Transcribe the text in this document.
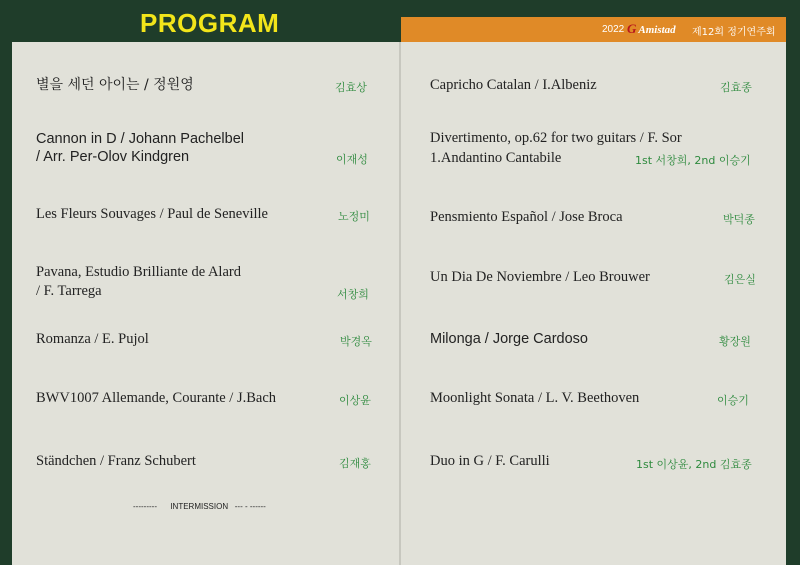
PROGRAM	2022 G Amistad 제12회 정기연주회
별을 세던 아이는 / 정원영	김효상
Cannon in D / Johann Pachelbel
/ Arr. Per-Olov Kindgren	이재성
Les Fleurs Souvages / Paul de Seneville	노정미
Pavana, Estudio Brilliante de Alard
/ F. Tarrega	서창희
Romanza / E. Pujol	박경옥
BWV1007 Allemande, Courante / J.Bach	이상윤
Ständchen / Franz Schubert	김재홍
---------      INTERMISSION   --- - ------
Capricho Catalan / I.Albeniz	김효종
Divertimento, op.62 for two guitars / F. Sor
1.Andantino Cantabile	1st 서창희, 2nd 이승기
Pensmiento Español / Jose Broca	박덕종
Un Dia De Noviembre / Leo Brouwer	김은실
Milonga / Jorge Cardoso	황장원
Moonlight Sonata / L. V. Beethoven	이승기
Duo in G / F. Carulli	1st 이상윤, 2nd 김효종
